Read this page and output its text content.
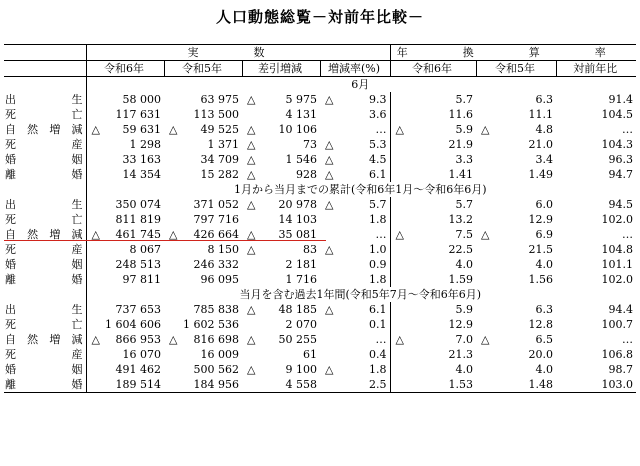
人口動態総覧－対前年比較－
	実　数				年　換　算　率		
	令和6年	令和5年	差引増減	増減率(%)	令和6年	令和5年	対前年比
	6月						
出生	58 000	63 975	△ 5 975	△ 9.3	5.7	6.3	91.4
死亡	117 631	113 500	4 131	3.6	11.6	11.1	104.5
自然増減	△ 59 631	△ 49 525	△ 10 106	…	△ 5.9	△ 4.8	…
死産	1 298	1 371	△ 73	△ 5.3	21.9	21.0	104.3
婚姻	33 163	34 709	△ 1 546	△ 4.5	3.3	3.4	96.3
離婚	14 354	15 282	△ 928	△ 6.1	1.41	1.49	94.7
	1月から当月までの累計(令和6年1月～令和6年6月)						
出生	350 074	371 052	△ 20 978	△ 5.7	5.7	6.0	94.5
死亡	811 819	797 716	14 103	1.8	13.2	12.9	102.0
自然増減	△ 461 745	△ 426 664	△ 35 081	…	△ 7.5	△ 6.9	…
死産	8 067	8 150	△ 83	△ 1.0	22.5	21.5	104.8
婚姻	248 513	246 332	2 181	0.9	4.0	4.0	101.1
離婚	97 811	96 095	1 716	1.8	1.59	1.56	102.0
	当月を含む過去1年間(令和5年7月～令和6年6月)						
出生	737 653	785 838	△ 48 185	△ 6.1	5.9	6.3	94.4
死亡	1 604 606	1 602 536	2 070	0.1	12.9	12.8	100.7
自然増減	△ 866 953	△ 816 698	△ 50 255	…	△ 7.0	△ 6.5	…
死産	16 070	16 009	61	0.4	21.3	20.0	106.8
婚姻	491 462	500 562	△ 9 100	△ 1.8	4.0	4.0	98.7
離婚	189 514	184 956	4 558	2.5	1.53	1.48	103.0
